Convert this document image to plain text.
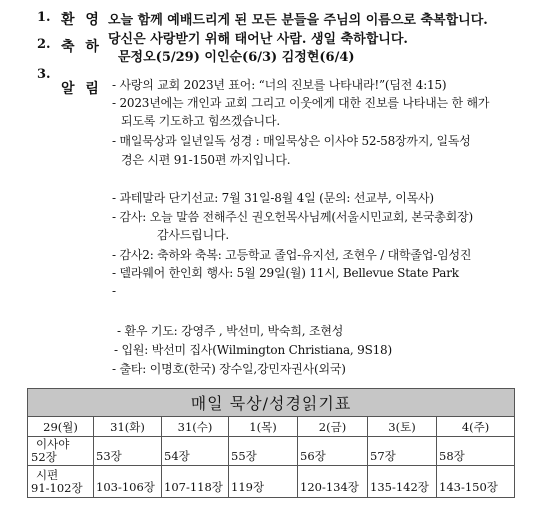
1. 환 영 오늘 함께 예배드리게 된 모든 분들을 주님의 이름으로 축복합니다.
2. 축 하 당신은 사랑받기 위해 태어난 사람. 생일 축하합니다.
문정오(5/29) 이인순(6/3) 김정현(6/4)
3.
알 림 - 사랑의 교회 2023년 표어: “너의 진보를 나타내라!”(딤전 4:15)
- 2023년에는 개인과 교회 그리고 이웃에게 대한 진보를 나타내는 한 해가
되도록 기도하고 힘쓰겠습니다.
- 매일묵상과 일년일독 성경 : 매일묵상은 이사야 52-58장까지, 일독성
경은 시편 91-150편 까지입니다.
- 과테말라 단기선교: 7월 31일-8월 4일 (문의: 선교부, 이목사)
- 감사: 오늘 말씀 전해주신 권오헌목사님께(서울시민교회, 본국총회장)
감사드립니다.
- 감사2: 축하와 축복: 고등학교 졸업-유지선, 조현우 / 대학졸업-임성진
- 델라웨어 한인회 행사: 5월 29일(월) 11시, Bellevue State Park
-
- 환우 기도: 강영주 , 박선미, 박숙희, 조현성
- 입원: 박선미 집사(Wilmington Christiana, 9S18)
- 출타: 이명호(한국) 장수일,강민자권사(외국)
매일 묵상/성경읽기표						
29(월)	31(화)	31(수)	1(목)	2(금)	3(토)	4(주)

이사야
52장	53장	54장	55장	56장	57장	58장

시편
91-102장	103-106장	107-118장	119장	120-134장	135-142장	143-150장
